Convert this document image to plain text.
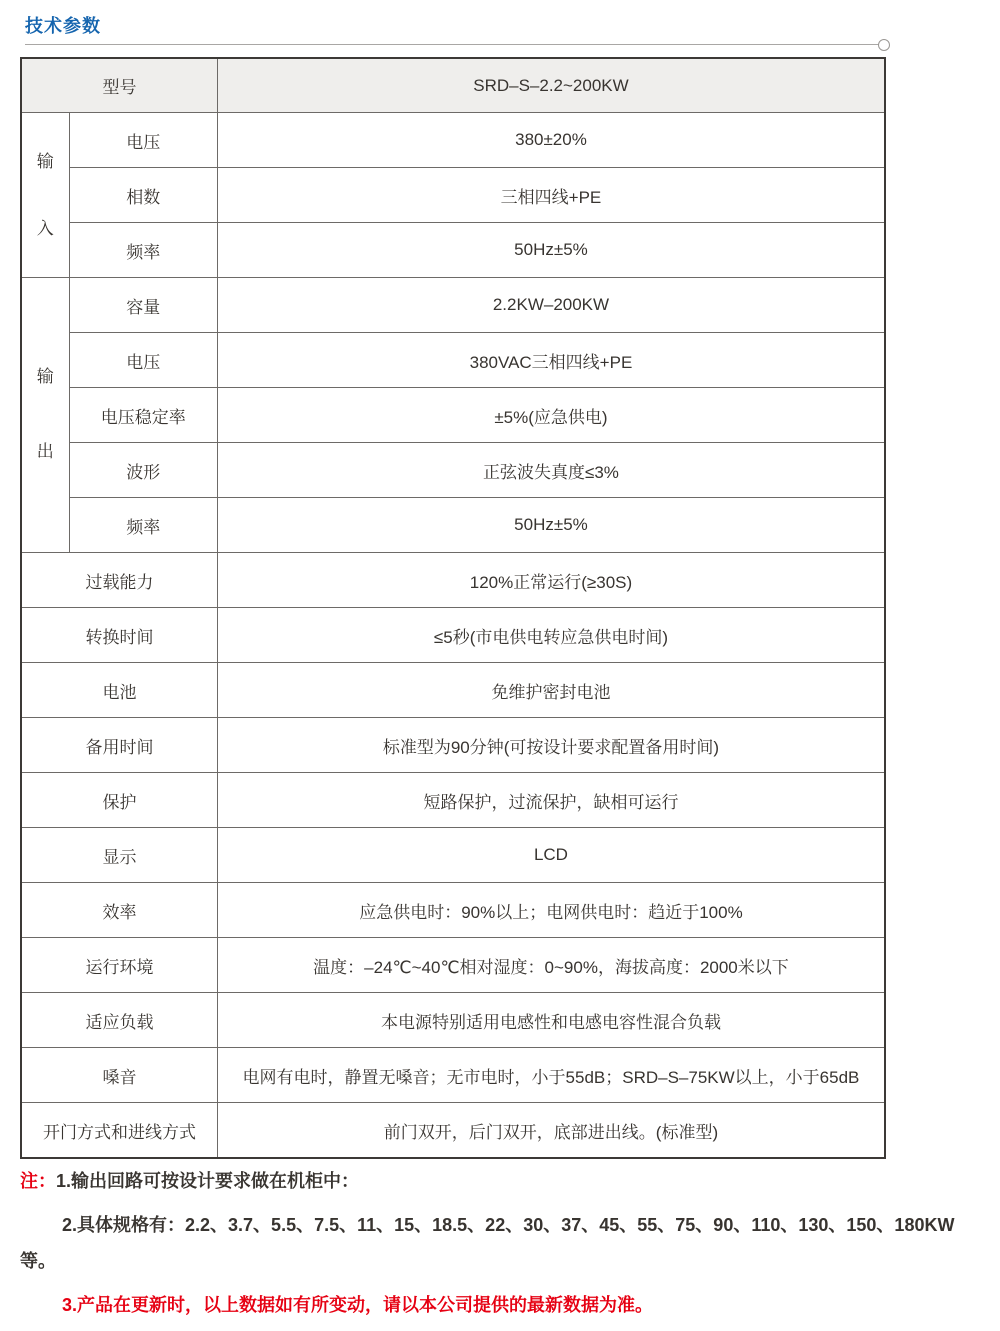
技术参数
型号		SRD–S–2.2~200KW

输入	电压	380±20%
	相数	三相四线+PE
	频率	50Hz±5%

输出	容量	2.2KW–200KW
	电压	380VAC三相四线+PE
	电压稳定率	±5%(应急供电)
	波形	正弦波失真度≤3%
	频率	50Hz±5%
过载能力		120%正常运行(≥30S)
转换时间		≤5秒(市电供电转应急供电时间)
电池		免维护密封电池
备用时间		标准型为90分钟(可按设计要求配置备用时间)
保护		短路保护，过流保护，缺相可运行
显示		LCD
效率		应急供电时：90%以上；电网供电时：趋近于100%
运行环境		温度：–24℃~40℃相对湿度：0~90%，海拔高度：2000米以下
适应负载		本电源特别适用电感性和电感电容性混合负载
嗓音		电网有电时，静置无嗓音；无市电时，小于55dB；SRD–S–75KW以上，小于65dB
开门方式和进线方式		前门双开，后门双开，底部进出线。(标准型)

注：1.输出回路可按设计要求做在机柜中：

2.具体规格有：2.2、3.7、5.5、7.5、11、15、18.5、22、30、37、45、55、75、90、110、130、150、180KW等。

3.产品在更新时，以上数据如有所变动，请以本公司提供的最新数据为准。
